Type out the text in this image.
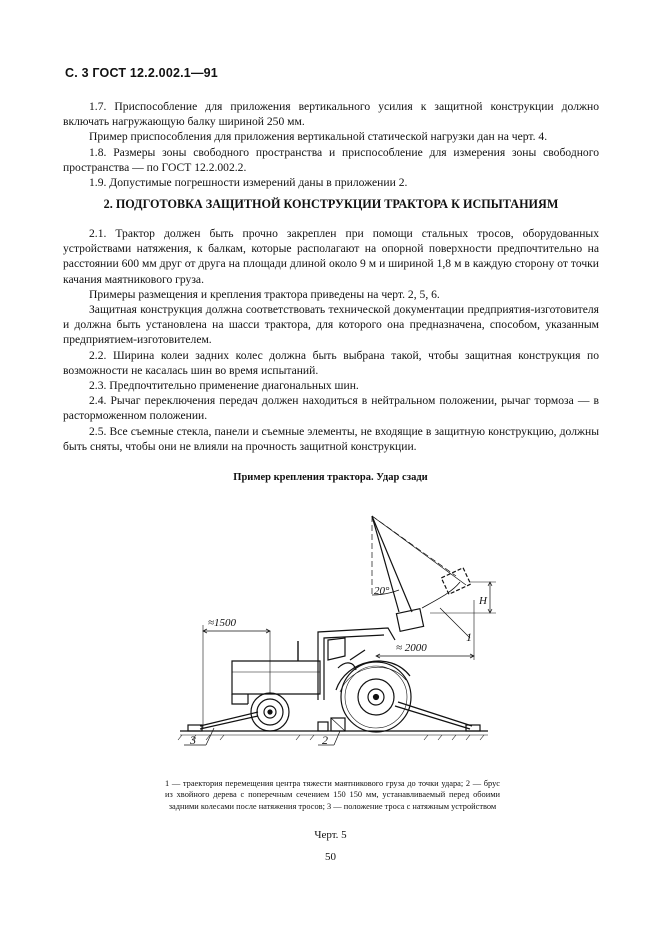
С. 3 ГОСТ 12.2.002.1—91

1.7. Приспособление для приложения вертикального усилия к защитной конструкции должно включать нагружающую балку шириной 250 мм.

Пример приспособления для приложения вертикальной статической нагрузки дан на черт. 4.

1.8. Размеры зоны свободного пространства и приспособление для измерения зоны свободного пространства — по ГОСТ 12.2.002.2.

1.9. Допустимые погрешности измерений даны в приложении 2.

2. ПОДГОТОВКА ЗАЩИТНОЙ КОНСТРУКЦИИ ТРАКТОРА К ИСПЫТАНИЯМ

2.1. Трактор должен быть прочно закреплен при помощи стальных тросов, оборудованных устройствами натяжения, к балкам, которые располагают на опорной поверхности предпочтительно на расстоянии 600 мм друг от друга на площади длиной около 9 м и шириной 1,8 м в каждую сторону от точки качания маятникового груза.

Примеры размещения и крепления трактора приведены на черт. 2, 5, 6.

Защитная конструкция должна соответствовать технической документации предприятия-изготовителя и должна быть установлена на шасси трактора, для которого она предназначена, способом, указанным предприятием-изготовителем.

2.2. Ширина колеи задних колес должна быть выбрана такой, чтобы защитная конструкция по возможности не касалась шин во время испытаний.

2.3. Предпочтительно применение диагональных шин.

2.4. Рычаг переключения передач должен находиться в нейтральном положении, рычаг тормоза — в расторможенном положении.

2.5. Все съемные стекла, панели и съемные элементы, не входящие в защитную конструкцию, должны быть сняты, чтобы они не влияли на прочность защитной конструкции.

Пример крепления трактора. Удар сзади
≈1500
≈ 2000
20°
H
1
2
3
1 — траектория перемещения центра тяжести маятникового груза до точки удара; 2 — брус из хвойного дерева с поперечным сечением 150 150 мм, устанавливаемый перед обоими задними колесами после натяжения тросов; 3 — положение троса с натяжным устройством
Черт. 5
50
